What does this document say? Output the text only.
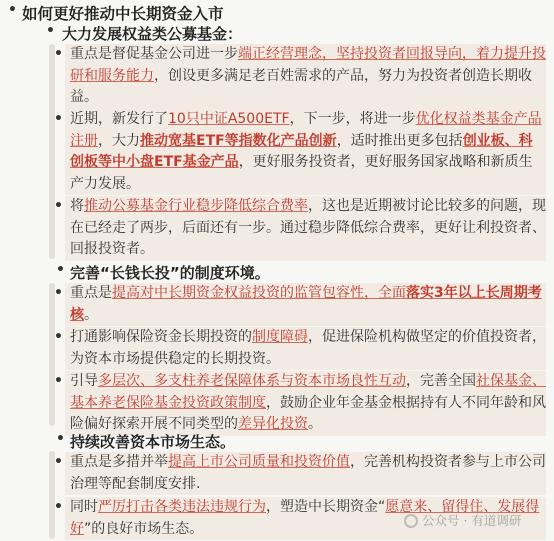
• 如何更好推动中长期资金入市
• 大力发展权益类公募基金：
• 重点是督促基金公司进一步端正经营理念，坚持投资者回报导向，着力提升投研和服务能力，创设更多满足老百姓需求的产品，努力为投资者创造长期收益。
• 近期，新发行了10只中证A500ETF，下一步，将进一步优化权益类基金产品注册，大力推动宽基ETF等指数化产品创新，适时推出更多包括创业板、科创板等中小盘ETF基金产品，更好服务投资者，更好服务国家战略和新质生产力发展。
• 将推动公募基金行业稳步降低综合费率，这也是近期被讨论比较多的问题，现在已经走了两步，后面还有一步。通过稳步降低综合费率，更好让利投资者、回报投资者。
• 完善“长钱长投”的制度环境。
• 重点是提高对中长期资金权益投资的监管包容性，全面落实3年以上长周期考核。
• 打通影响保险资金长期投资的制度障碍，促进保险机构做坚定的价值投资者，为资本市场提供稳定的长期投资。
• 引导多层次、多支柱养老保障体系与资本市场良性互动，完善全国社保基金、基本养老保险基金投资政策制度，鼓励企业年金基金根据持有人不同年龄和风险偏好探索开展不同类型的差异化投资。
• 持续改善资本市场生态。
• 重点是多措并举提高上市公司质量和投资价值，完善机构投资者参与上市公司治理等配套制度安排.
• 同时严厉打击各类违法违规行为，塑造中长期资金“愿意来、留得住、发展得好”的良好市场生态。	公众号 · 有道调研
